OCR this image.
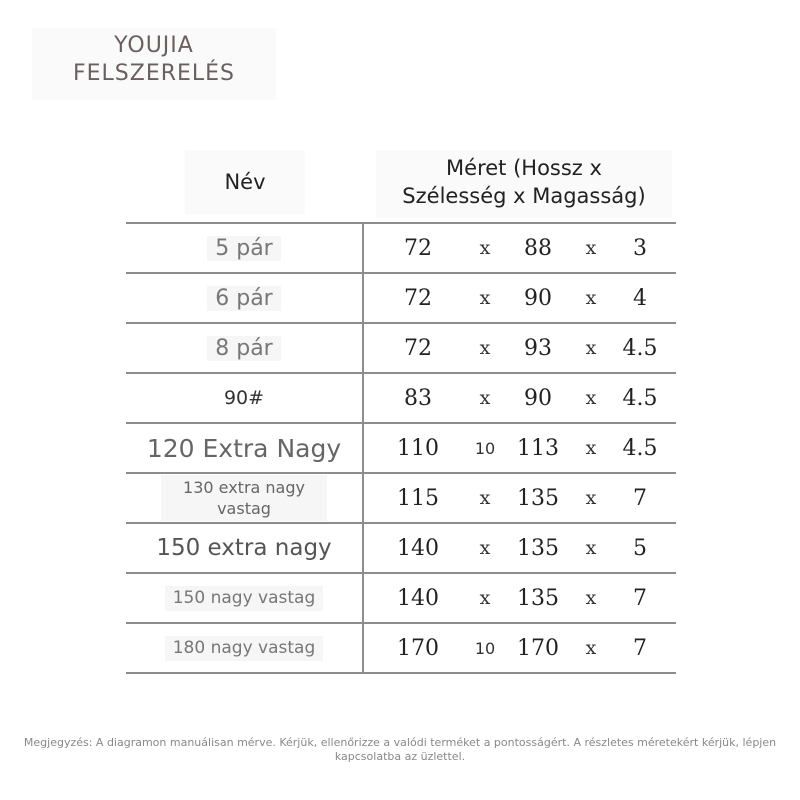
YOUJIA
FELSZERELÉS
Név
Méret (Hossz x
Szélesség x Magasság)
5 pár	72	x	88	x	3
6 pár	72	x	90	x	4
8 pár	72	x	93	x	4.5
90#	83	x	90	x	4.5
120 Extra Nagy	110	10	113	x	4.5
130 extra nagy vastag	115	x	135	x	7
150 extra nagy	140	x	135	x	5
150 nagy vastag	140	x	135	x	7
180 nagy vastag	170	10	170	x	7
Megjegyzés: A diagramon manuálisan mérve. Kérjük, ellenőrizze a valódi terméket a pontosságért. A részletes méretekért kérjük, lépjen kapcsolatba az üzlettel.
